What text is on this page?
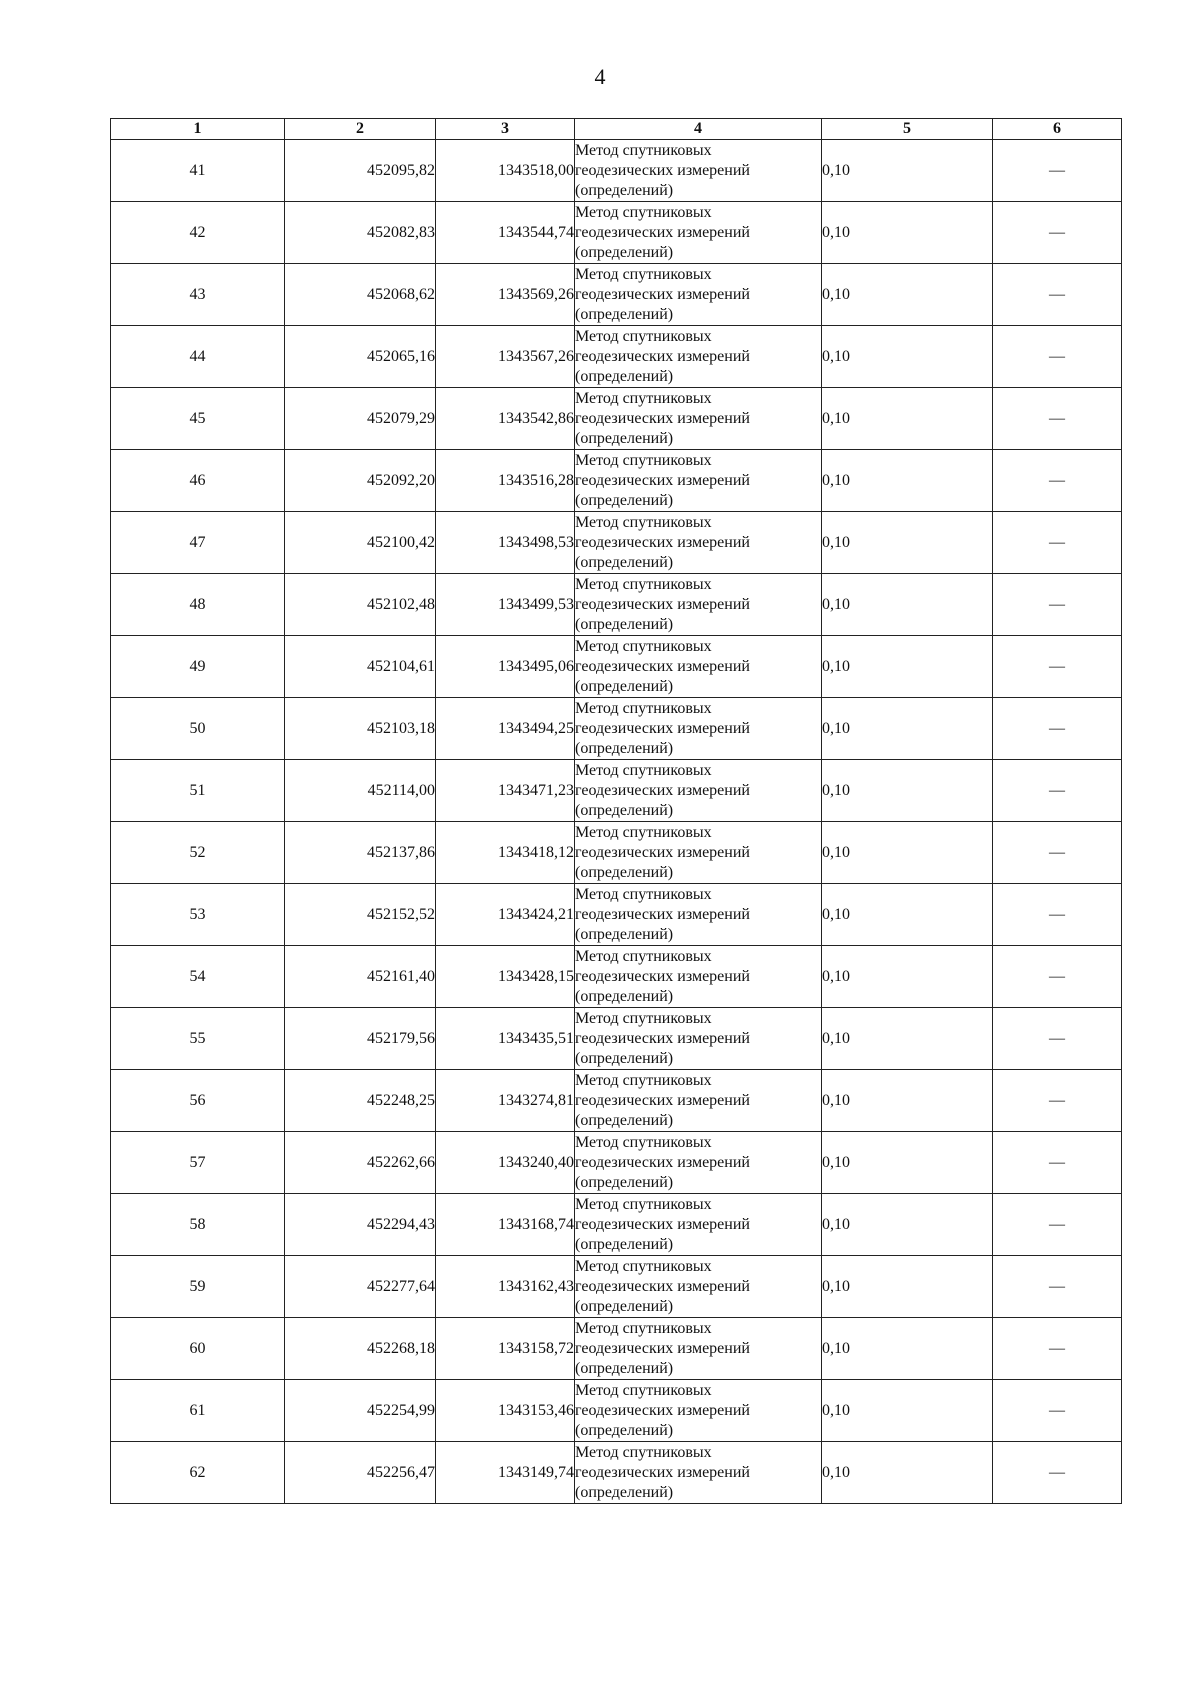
4
1	2	3	4	5	6
41	452095,82	1343518,00	Метод спутниковых
геодезических измерений
(определений)	0,10	—
42	452082,83	1343544,74	Метод спутниковых
геодезических измерений
(определений)	0,10	—
43	452068,62	1343569,26	Метод спутниковых
геодезических измерений
(определений)	0,10	—
44	452065,16	1343567,26	Метод спутниковых
геодезических измерений
(определений)	0,10	—
45	452079,29	1343542,86	Метод спутниковых
геодезических измерений
(определений)	0,10	—
46	452092,20	1343516,28	Метод спутниковых
геодезических измерений
(определений)	0,10	—
47	452100,42	1343498,53	Метод спутниковых
геодезических измерений
(определений)	0,10	—
48	452102,48	1343499,53	Метод спутниковых
геодезических измерений
(определений)	0,10	—
49	452104,61	1343495,06	Метод спутниковых
геодезических измерений
(определений)	0,10	—
50	452103,18	1343494,25	Метод спутниковых
геодезических измерений
(определений)	0,10	—
51	452114,00	1343471,23	Метод спутниковых
геодезических измерений
(определений)	0,10	—
52	452137,86	1343418,12	Метод спутниковых
геодезических измерений
(определений)	0,10	—
53	452152,52	1343424,21	Метод спутниковых
геодезических измерений
(определений)	0,10	—
54	452161,40	1343428,15	Метод спутниковых
геодезических измерений
(определений)	0,10	—
55	452179,56	1343435,51	Метод спутниковых
геодезических измерений
(определений)	0,10	—
56	452248,25	1343274,81	Метод спутниковых
геодезических измерений
(определений)	0,10	—
57	452262,66	1343240,40	Метод спутниковых
геодезических измерений
(определений)	0,10	—
58	452294,43	1343168,74	Метод спутниковых
геодезических измерений
(определений)	0,10	—
59	452277,64	1343162,43	Метод спутниковых
геодезических измерений
(определений)	0,10	—
60	452268,18	1343158,72	Метод спутниковых
геодезических измерений
(определений)	0,10	—
61	452254,99	1343153,46	Метод спутниковых
геодезических измерений
(определений)	0,10	—
62	452256,47	1343149,74	Метод спутниковых
геодезических измерений
(определений)	0,10	—
